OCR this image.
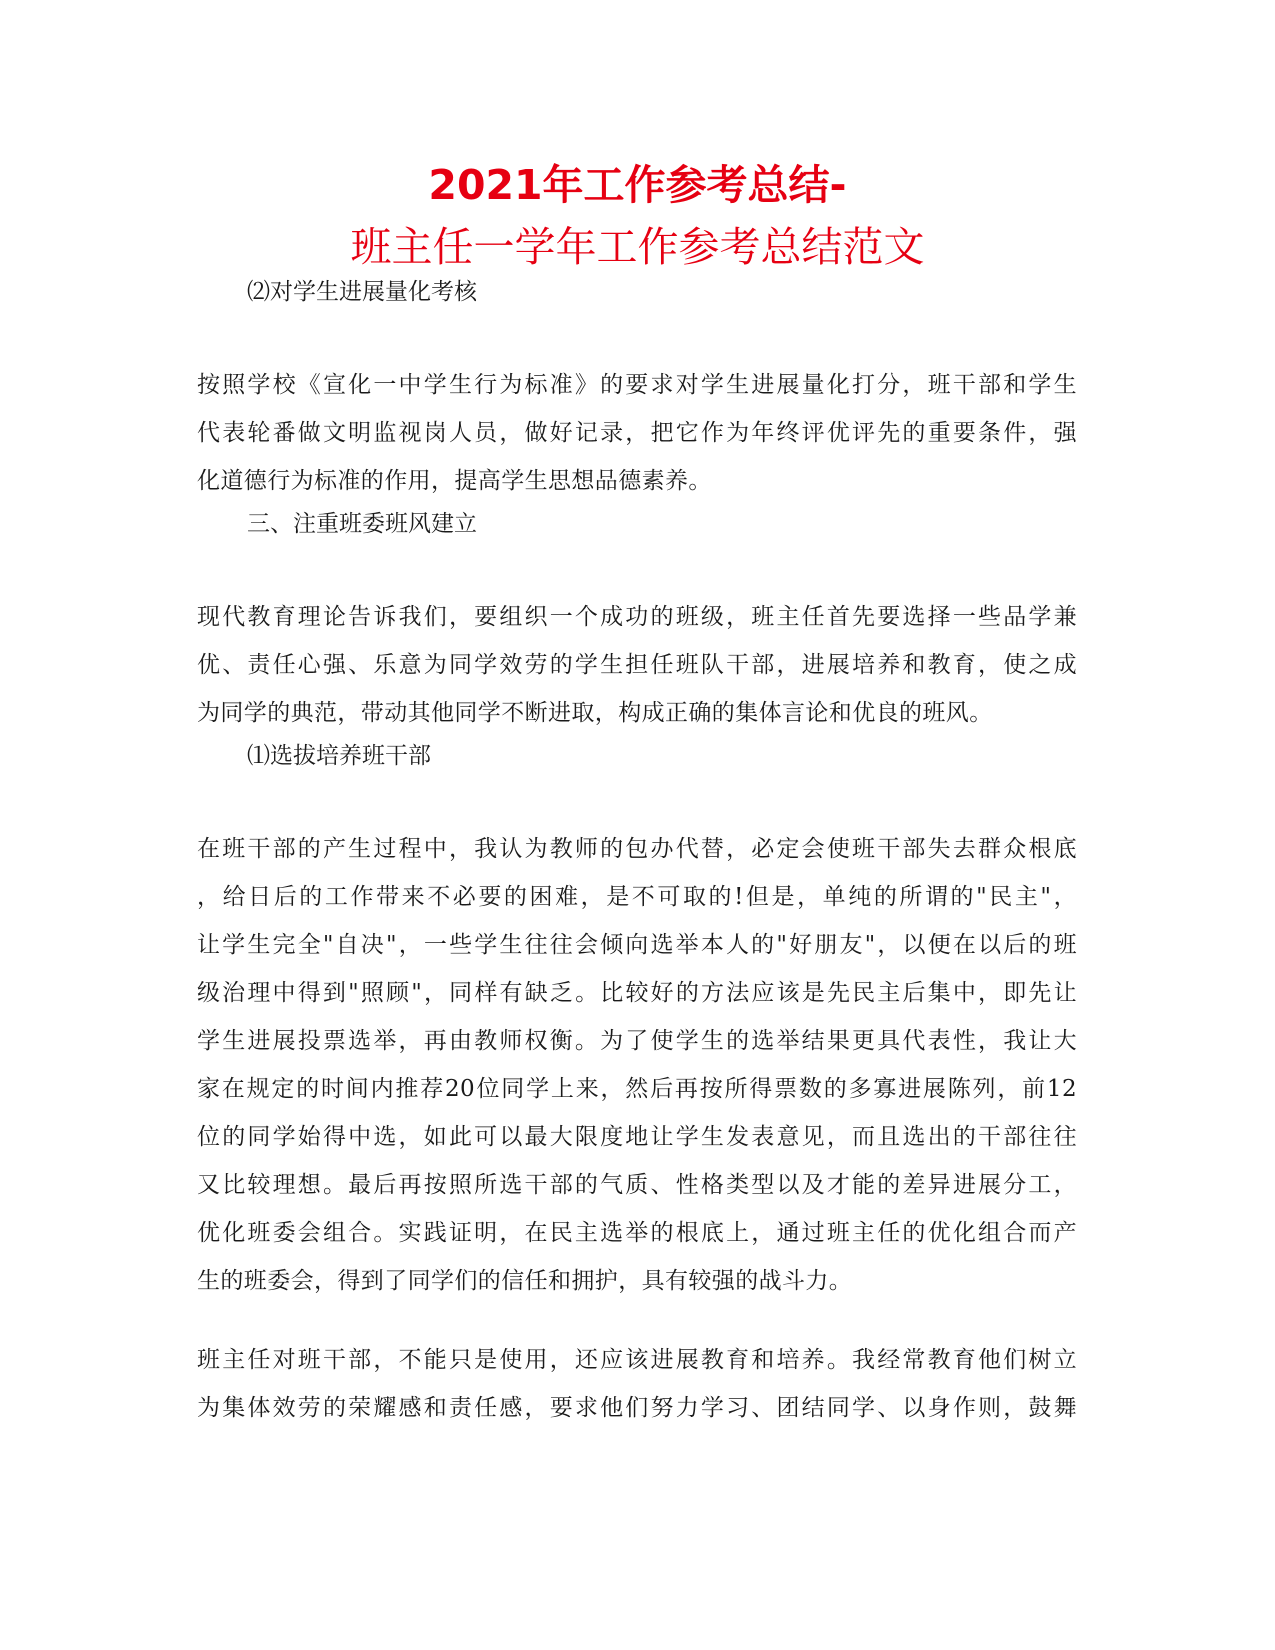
2021年工作参考总结-
班主任一学年工作参考总结范文
⑵对学生进展量化考核
按照学校《宣化一中学生行为标准》的要求对学生进展量化打分，班干部和学生
代表轮番做文明监视岗人员，做好记录，把它作为年终评优评先的重要条件，强
化道德行为标准的作用，提高学生思想品德素养。
三、注重班委班风建立
现代教育理论告诉我们，要组织一个成功的班级，班主任首先要选择一些品学兼
优、责任心强、乐意为同学效劳的学生担任班队干部，进展培养和教育，使之成
为同学的典范，带动其他同学不断进取，构成正确的集体言论和优良的班风。
⑴选拔培养班干部
在班干部的产生过程中，我认为教师的包办代替，必定会使班干部失去群众根底
，给日后的工作带来不必要的困难，是不可取的!但是，单纯的所谓的"民主"，
让学生完全"自决"，一些学生往往会倾向选举本人的"好朋友"，以便在以后的班
级治理中得到"照顾"，同样有缺乏。比较好的方法应该是先民主后集中，即先让
学生进展投票选举，再由教师权衡。为了使学生的选举结果更具代表性，我让大
家在规定的时间内推荐20位同学上来，然后再按所得票数的多寡进展陈列，前12
位的同学始得中选，如此可以最大限度地让学生发表意见，而且选出的干部往往
又比较理想。最后再按照所选干部的气质、性格类型以及才能的差异进展分工，
优化班委会组合。实践证明，在民主选举的根底上，通过班主任的优化组合而产
生的班委会，得到了同学们的信任和拥护，具有较强的战斗力。
班主任对班干部，不能只是使用，还应该进展教育和培养。我经常教育他们树立
为集体效劳的荣耀感和责任感，要求他们努力学习、团结同学、以身作则，鼓舞
